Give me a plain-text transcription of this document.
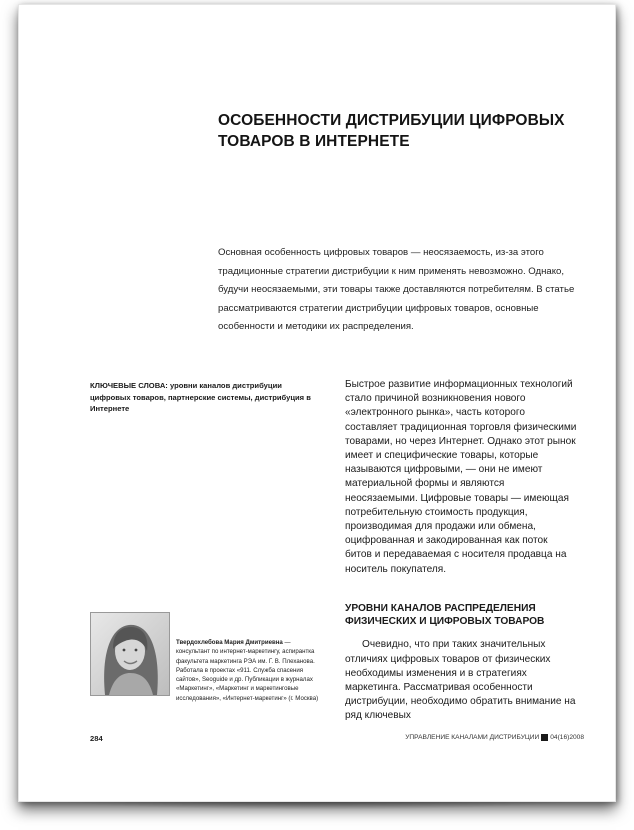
ОСОБЕННОСТИ ДИСТРИБУЦИИ ЦИФРОВЫХ ТОВАРОВ В ИНТЕРНЕТЕ
Основная особенность цифровых товаров — неосязаемость, из-за этого традиционные стратегии дистрибуции к ним применять невозможно. Однако, будучи неосязаемыми, эти товары также доставляются потребителям. В статье рассматриваются стратегии дистрибуции цифровых товаров, основные особенности и методики их распределения.
КЛЮЧЕВЫЕ СЛОВА: уровни каналов дистрибуции цифровых товаров, партнерские системы, дистрибуция в Интернете

Быстрое развитие информационных технологий стало причиной возникновения нового «электронного рынка», часть которого составляет традиционная торговля физическими товарами, но через Интернет. Однако этот рынок имеет и специфические товары, которые называются цифровыми, — они не имеют материальной формы и являются неосязаемыми. Цифровые товары — имеющая потребительную стоимость продукция, производимая для продажи или обмена, оцифрованная и закодированная как поток битов и передаваемая с носителя продавца на носитель покупателя.

УРОВНИ КАНАЛОВ РАСПРЕДЕЛЕНИЯ ФИЗИЧЕСКИХ И ЦИФРОВЫХ ТОВАРОВ

Очевидно, что при таких значительных отличиях цифровых товаров от физических необходимы изменения и в стратегиях маркетинга. Рассматривая особенности дистрибуции, необходимо обратить внимание на ряд ключевых

Твердохлебова Мария Дмитриевна — консультант по интернет-маркетингу, аспирантка факультета маркетинга РЭА им. Г. В. Плеханова. Работала в проектах «911. Служба спасения сайтов», Seoguide и др. Публикации в журналах «Маркетинг», «Маркетинг и маркетинговые исследования», «Интернет-маркетинг» (г. Москва)
284	УПРАВЛЕНИЕ КАНАЛАМИ ДИСТРИБУЦИИ 04(16)2008
